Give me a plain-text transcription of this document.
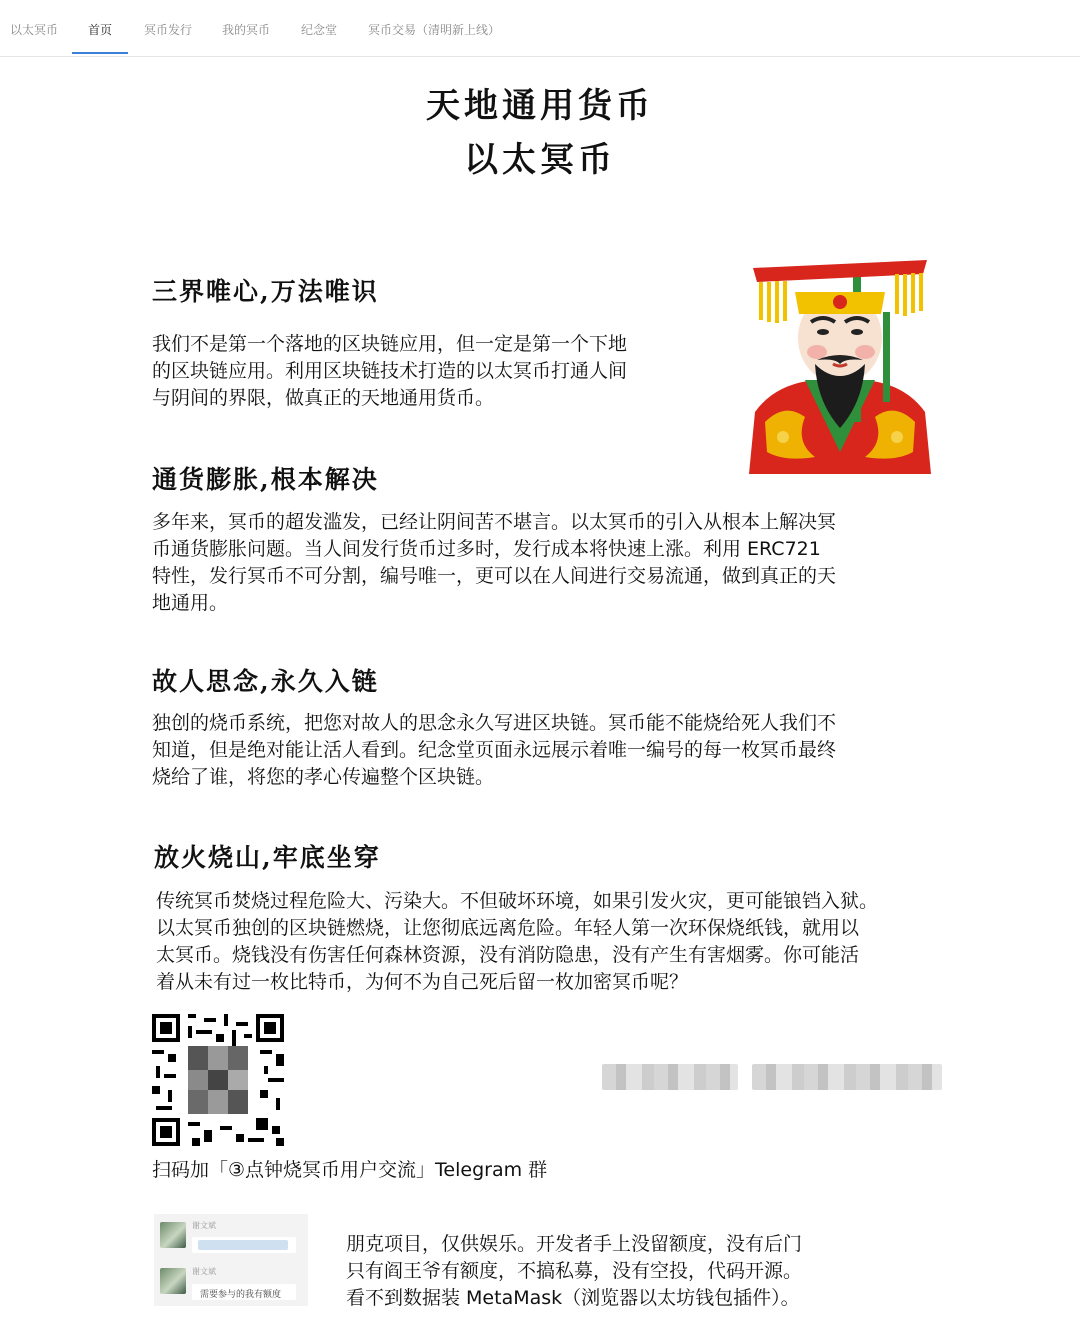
以太冥币 首页	冥币发行 我的冥币	纪念堂	冥币交易（清明新上线）
天地通用货币
以太冥币
三界唯心,万法唯识
我们不是第一个落地的区块链应用，但一定是第一个下地
的区块链应用。利用区块链技术打造的以太冥币打通人间
与阴间的界限，做真正的天地通用货币。
通货膨胀,根本解决
多年来，冥币的超发滥发，已经让阴间苦不堪言。以太冥币的引入从根本上解决冥
币通货膨胀问题。当人间发行货币过多时，发行成本将快速上涨。利用 ERC721
特性，发行冥币不可分割，编号唯一，更可以在人间进行交易流通，做到真正的天
地通用。
故人思念,永久入链
独创的烧币系统，把您对故人的思念永久写进区块链。冥币能不能烧给死人我们不
知道，但是绝对能让活人看到。纪念堂页面永远展示着唯一编号的每一枚冥币最终
烧给了谁，将您的孝心传遍整个区块链。
放火烧山,牢底坐穿
传统冥币焚烧过程危险大、污染大。不但破坏环境，如果引发火灾，更可能锒铛入狱。
以太冥币独创的区块链燃烧，让您彻底远离危险。年轻人第一次环保烧纸钱，就用以
太冥币。烧钱没有伤害任何森林资源，没有消防隐患，没有产生有害烟雾。你可能活
着从未有过一枚比特币，为何不为自己死后留一枚加密冥币呢？
扫码加「③点钟烧冥币用户交流」Telegram 群
谢文斌
谢文斌
需要参与的我有额度
朋克项目，仅供娱乐。开发者手上没留额度，没有后门
只有阎王爷有额度，不搞私募，没有空投，代码开源。
看不到数据装 MetaMask（浏览器以太坊钱包插件）。
